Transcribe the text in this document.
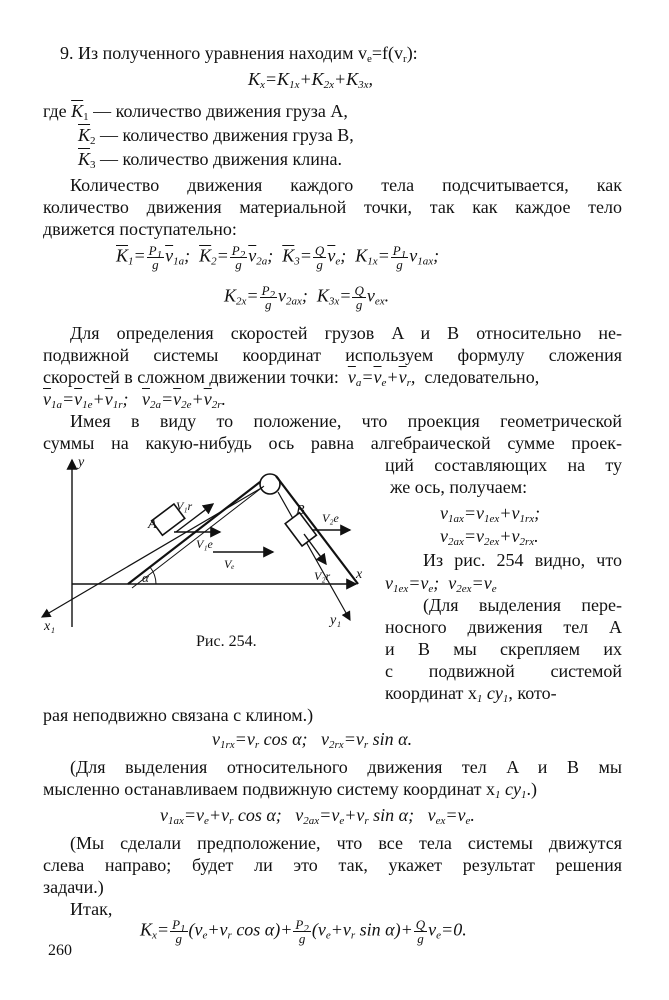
9. Из полученного уравнения находим $v_e=f(v_r)$:
$K_x=K_{1x}+K_{2x}+K_{3x}$,
где $\overline{K}_1$ — количество движения груза A,
$\overline{K}_2$ — количество движения груза B,
$\overline{K}_3$ — количество движения клина.
Количество движения каждого тела подсчитывается, как
количество движения материальной точки, так как каждое тело
движется поступательно:
$\overline{K}_1= \frac{P_1}{g} \overline{v}_{1a}$;  $\overline{K}_2= \frac{P_2}{g} \overline{v}_{2a}$;  $\overline{K}_3= \frac{Q}{g} \overline{v}_e$;  $K_{1x}= \frac{P_1}{g} v_{1ax}$;
$K_{2x}= \frac{P_2}{g} v_{2ax}$;  $K_{3x}= \frac{Q}{g} v_{ex}$.
Для определения скоростей грузов A и B относительно не-
подвижной системы координат используем формулу сложения
скоростей в сложном движении точки: $\overline{v}_a=\overline{v}_e+\overline{v}_r$, следовательно,
$\overline{v}_{1a}=\overline{v}_{1e}+\overline{v}_{1r}$;   $\overline{v}_{2a}=\overline{v}_{2e}+\overline{v}_{2r}$.
Имея в виду то положение, что проекция геометрической
суммы на какую-нибудь ось равна алгебраической сумме проек-
ций составляющих на ту
же ось, получаем:
$v_{1ax}=v_{1ex}+v_{1rx}$;
$v_{2ax}=v_{2ex}+v_{2rx}$.
Из рис. 254 видно, что
$v_{1ex}=v_e$;  $v_{2ex}=v_e$
(Для выделения пере-
носного движения тел A
и B мы скрепляем их
с подвижной системой
координат $x_1$ $cy_1$, кото-
рая неподвижно связана с клином.)
$v_{1rx}=v_r$ cos α;   $v_{2rx}=v_r$ sin α.
(Для выделения относительного движения тел A и B мы
мысленно останавливаем подвижную систему координат $x_1$ $cy_1$.)
$v_{1ax}=v_e+v_r$ cos α;   $v_{2ax}=v_e+v_r$ sin α;   $v_{ex}=v_e$.
(Мы сделали предположение, что все тела системы движутся
слева направо; будет ли это так, укажет результат решения
задачи.)
Итак,
$K_x= \frac{P_1}{g} (v_e+v_r$ $\cos \alpha)+ \frac{P_2}{g} (v_e+v_r$ $\sin \alpha)+ \frac{Q}{g} v_e=0$.
y
x
x₁	y₁
A
B
α
V₁r
V₁e
Vₑ
V₂e
V₂r
Рис. 254.
260
